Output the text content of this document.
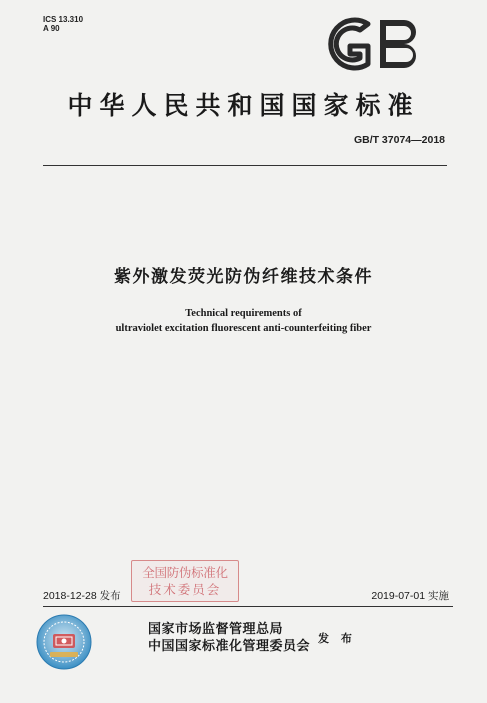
ICS 13.310
A 90
中华人民共和国国家标准
GB/T 37074—2018
紫外激发荧光防伪纤维技术条件
Technical requirements of
ultraviolet excitation fluorescent anti-counterfeiting fiber
全国防伪标准化
技术委员会
2018-12-28 发布	2019-07-01 实施
国家市场监督管理总局
中国国家标准化管理委员会
发 布
